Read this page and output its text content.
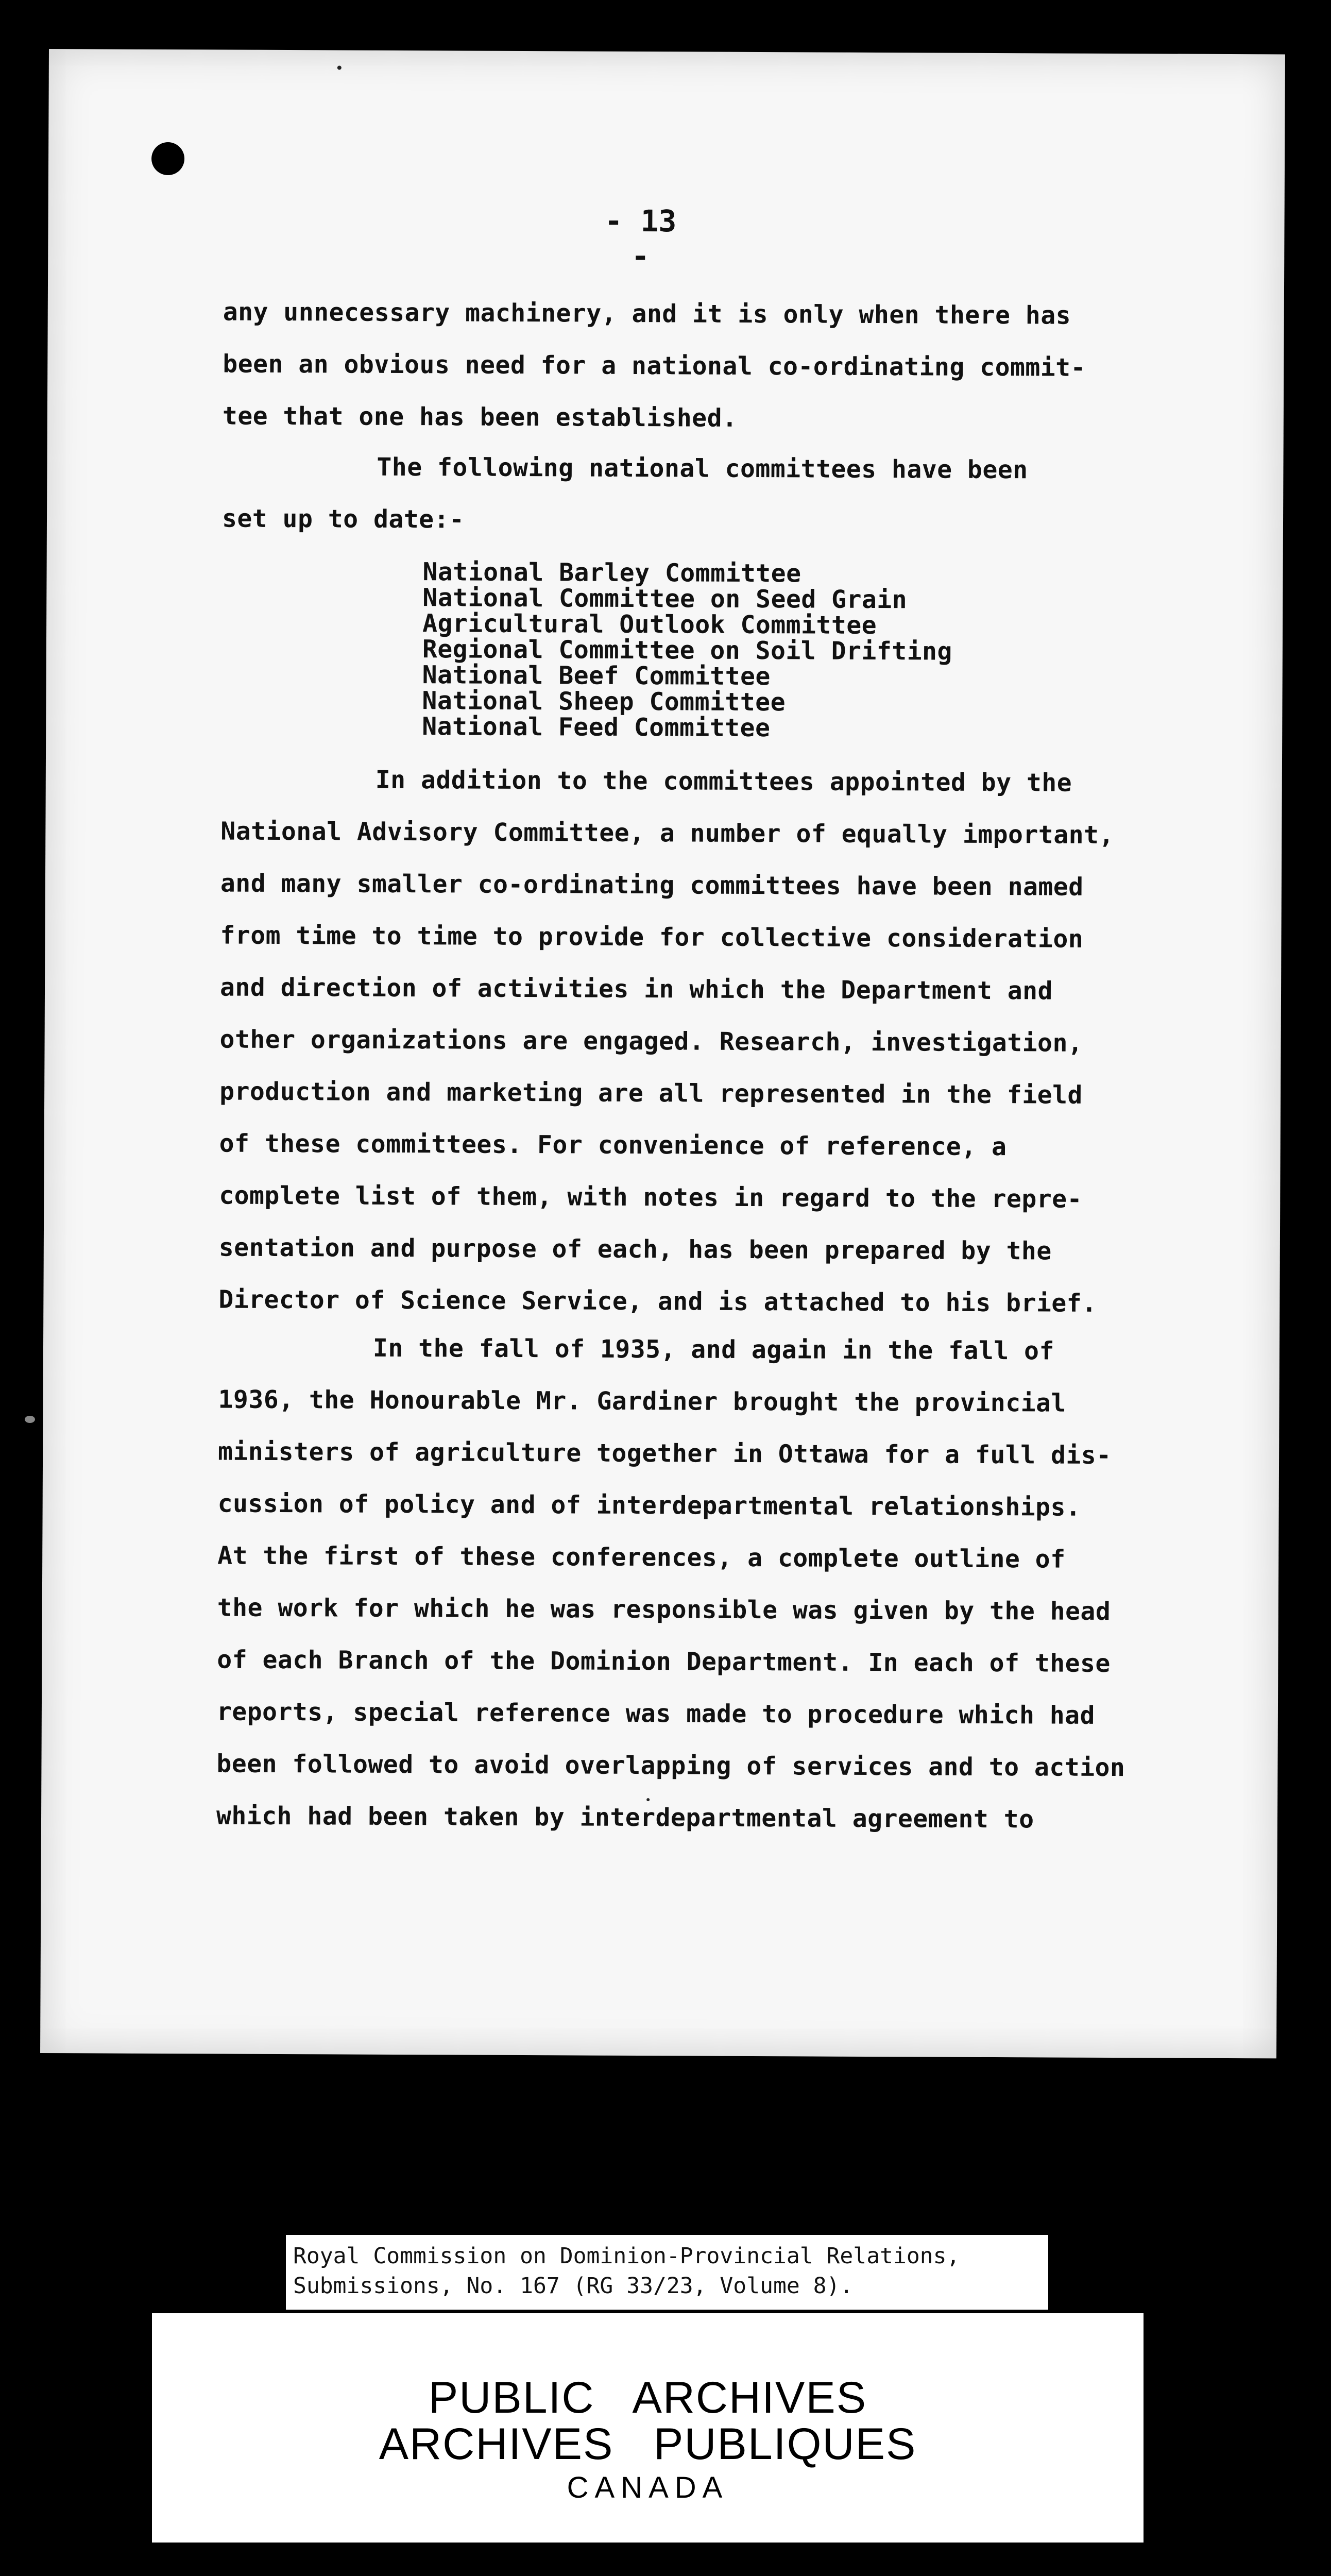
- 13 -
any unnecessary machinery, and it is only when there has
been an obvious need for a national co-ordinating commit-
tee that one has been established.
The following national committees have been
set up to date:-
National Barley Committee
National Committee on Seed Grain
Agricultural Outlook Committee
Regional Committee on Soil Drifting
National Beef Committee
National Sheep Committee
National Feed Committee
In addition to the committees appointed by the
National Advisory Committee, a number of equally important,
and many smaller co-ordinating committees have been named
from time to time to provide for collective consideration
and direction of activities in which the Department and
other organizations are engaged. Research, investigation,
production and marketing are all represented in the field
of these committees. For convenience of reference, a
complete list of them, with notes in regard to the repre-
sentation and purpose of each, has been prepared by the
Director of Science Service, and is attached to his brief.
In the fall of 1935, and again in the fall of
1936, the Honourable Mr. Gardiner brought the provincial
ministers of agriculture together in Ottawa for a full dis-
cussion of policy and of interdepartmental relationships.
At the first of these conferences, a complete outline of
the work for which he was responsible was given by the head
of each Branch of the Dominion Department. In each of these
reports, special reference was made to procedure which had
been followed to avoid overlapping of services and to action
which had been taken by interdepartmental agreement to
Royal Commission on Dominion-Provincial Relations,
Submissions, No. 167 (RG 33/23, Volume 8).
PUBLIC   ARCHIVES
ARCHIVES   PUBLIQUES
CANADA
